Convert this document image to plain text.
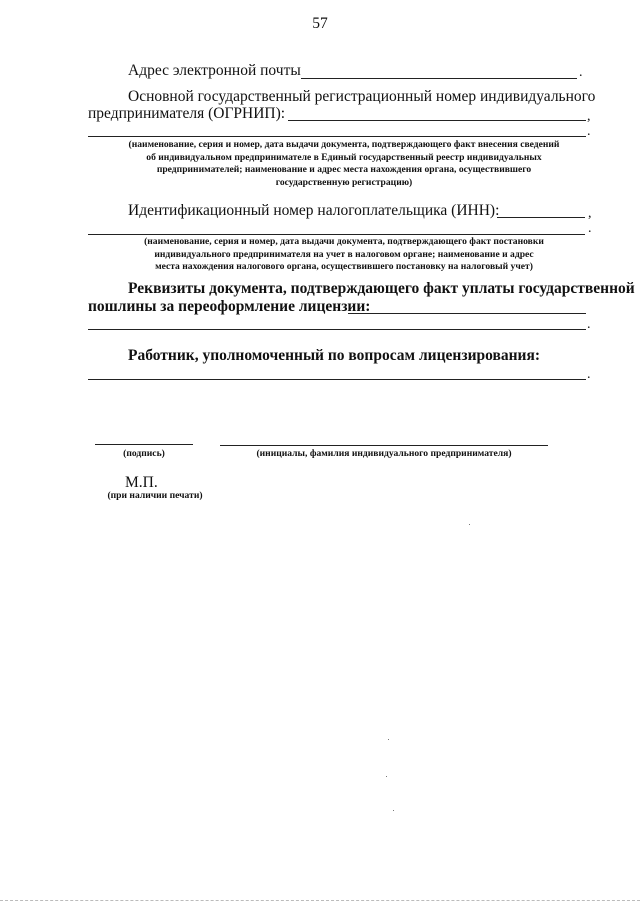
57
Адрес электронной почты	.
Основной государственный регистрационный номер индивидуального
предпринимателя (ОГРНИП):	,
.
(наименование, серия и номер, дата выдачи документа, подтверждающего факт внесения сведений
об индивидуальном предпринимателе в Единый государственный реестр индивидуальных
предпринимателей; наименование и адрес места нахождения органа, осуществившего
государственную регистрацию)
Идентификационный номер налогоплательщика (ИНН):	,
.
(наименование, серия и номер, дата выдачи документа, подтверждающего факт постановки
индивидуального предпринимателя на учет в налоговом органе; наименование и адрес
места нахождения налогового органа, осуществившего постановку на налоговый учет)
Реквизиты документа, подтверждающего факт уплаты государственной
пошлины за переоформление лицензии:
.
Работник, уполномоченный по вопросам лицензирования:
.
(подпись)	(инициалы, фамилия индивидуального предпринимателя)
М.П.
(при наличии печати)
